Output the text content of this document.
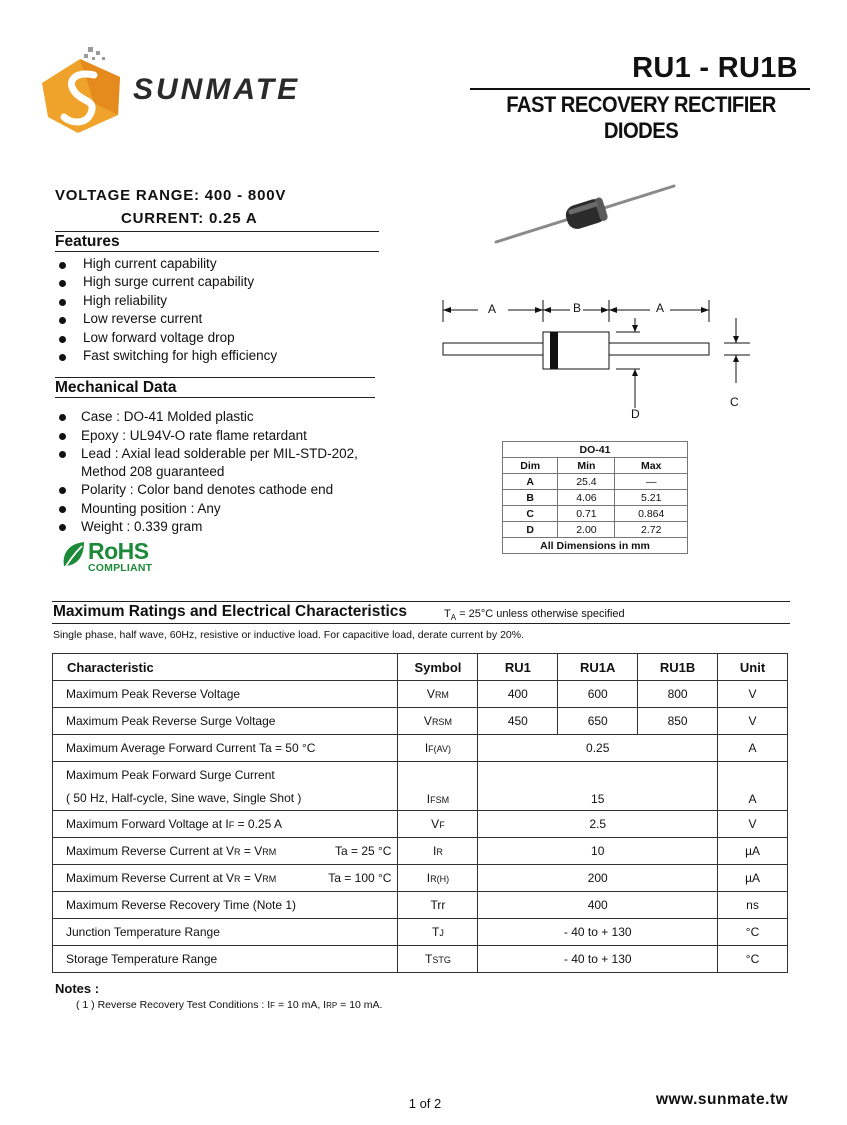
SUNMATE
RU1 - RU1B
FAST RECOVERY RECTIFIER DIODES
VOLTAGE RANGE: 400 - 800V
CURRENT: 0.25 A
Features
High current capability
High surge current capability
High reliability
Low reverse current
Low forward voltage drop
Fast switching for high efficiency
Mechanical Data
Case : DO-41 Molded plastic
Epoxy : UL94V-O rate flame retardant
Lead : Axial lead solderable per MIL-STD-202,
Method 208 guaranteed
Polarity : Color band denotes cathode end
Mounting position : Any
Weight : 0.339 gram
RoHS
COMPLIANT
A	B	A
C
D
DO-41		
Dim	Min	Max
A	25.4	—
B	4.06	5.21
C	0.71	0.864
D	2.00	2.72
All Dimensions in mm		
Maximum Ratings and Electrical Characteristics	$T_A = 25^\circ C$ unless otherwise specified
Single phase, half wave, 60Hz, resistive or inductive load. For capacitive load, derate current by 20%.
Characteristic	Symbol	RU1	RU1A	RU1B	Unit
Maximum Peak Reverse Voltage	VRM	400	600	800	V
Maximum Peak Reverse Surge Voltage	VRSM	450	650	850	V
Maximum Average Forward Current Ta = 50 °C	IF(AV)	0.25			A

Maximum Peak Forward Surge Current
( 50 Hz, Half-cycle, Sine wave, Single Shot )	IFSM	15			A
Maximum Forward Voltage at IF = 0.25 A	VF	2.5			V
Maximum Reverse Current at VR = VRM Ta = 25 °C	IR	10			µA
Maximum Reverse Current at VR = VRM Ta = 100 °C	IR(H)	200			µA
Maximum Reverse Recovery Time (Note 1)	Trr	400			ns
Junction Temperature Range	TJ	- 40 to + 130			°C
Storage Temperature Range	TSTG	- 40 to + 130			°C
Notes :
( 1 ) Reverse Recovery Test Conditions : IF = 10 mA, IRP = 10 mA.
1 of 2	www.sunmate.tw
